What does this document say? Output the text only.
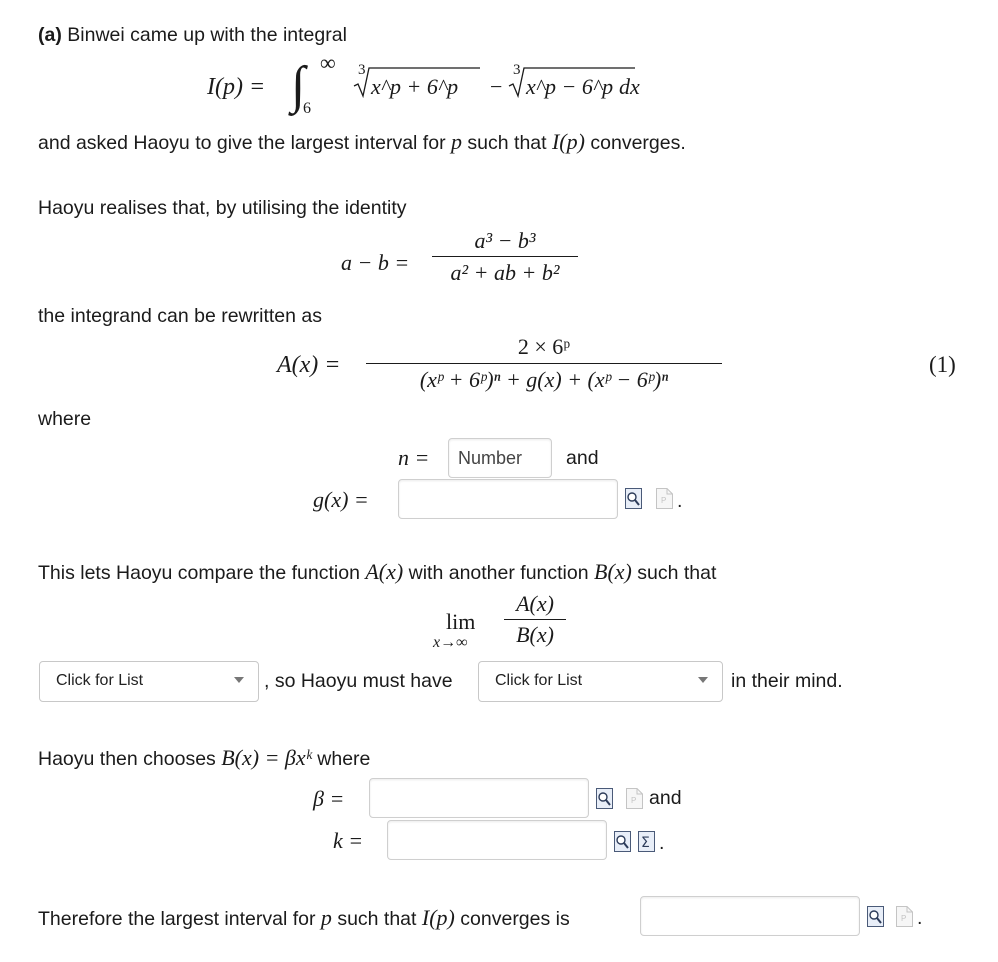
(a) Binwei came up with the integral
I(p) = ∫ ∞
6
3
x^p + 6^p −
3
x^p − 6^p dx
and asked Haoyu to give the largest interval for p such that I(p) converges.
Haoyu realises that, by utilising the identity
a − b =
a³ − b³
a² + ab + b²
the integrand can be rewritten as
A(x) =
2 × 6ᵖ
(xᵖ + 6ᵖ)ⁿ + g(x) + (xᵖ − 6ᵖ)ⁿ
(1)
where
n = Number and
g(x) =	P .
This lets Haoyu compare the function A(x) with another function B(x) such that
lim
x→∞
A(x)
B(x)
Click for List	, so Haoyu must have	Click for List	in their mind.
Haoyu then chooses B(x) = βxᵏ where
β =	P and
k =	Σ .
Therefore the largest interval for p such that I(p) converges is	P .
